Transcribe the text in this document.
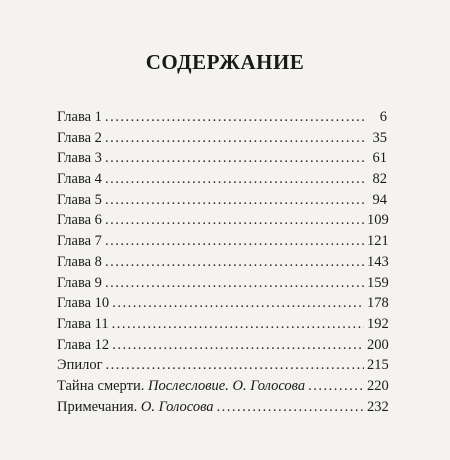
СОДЕРЖАНИЕ
Глава 1 .....	6
Глава 2 .....	35
Глава 3 .....	61
Глава 4 .....	82
Глава 5 .....	94
Глава 6 .....	109
Глава 7 .....	121
Глава 8 .....	143
Глава 9 .....	159
Глава 10 .....	178
Глава 11 .....	192
Глава 12 .....	200
Эпилог .....	215
Тайна смерти. Послесловие. О. Голосова .....	220
Примечания. О. Голосова .....	232
